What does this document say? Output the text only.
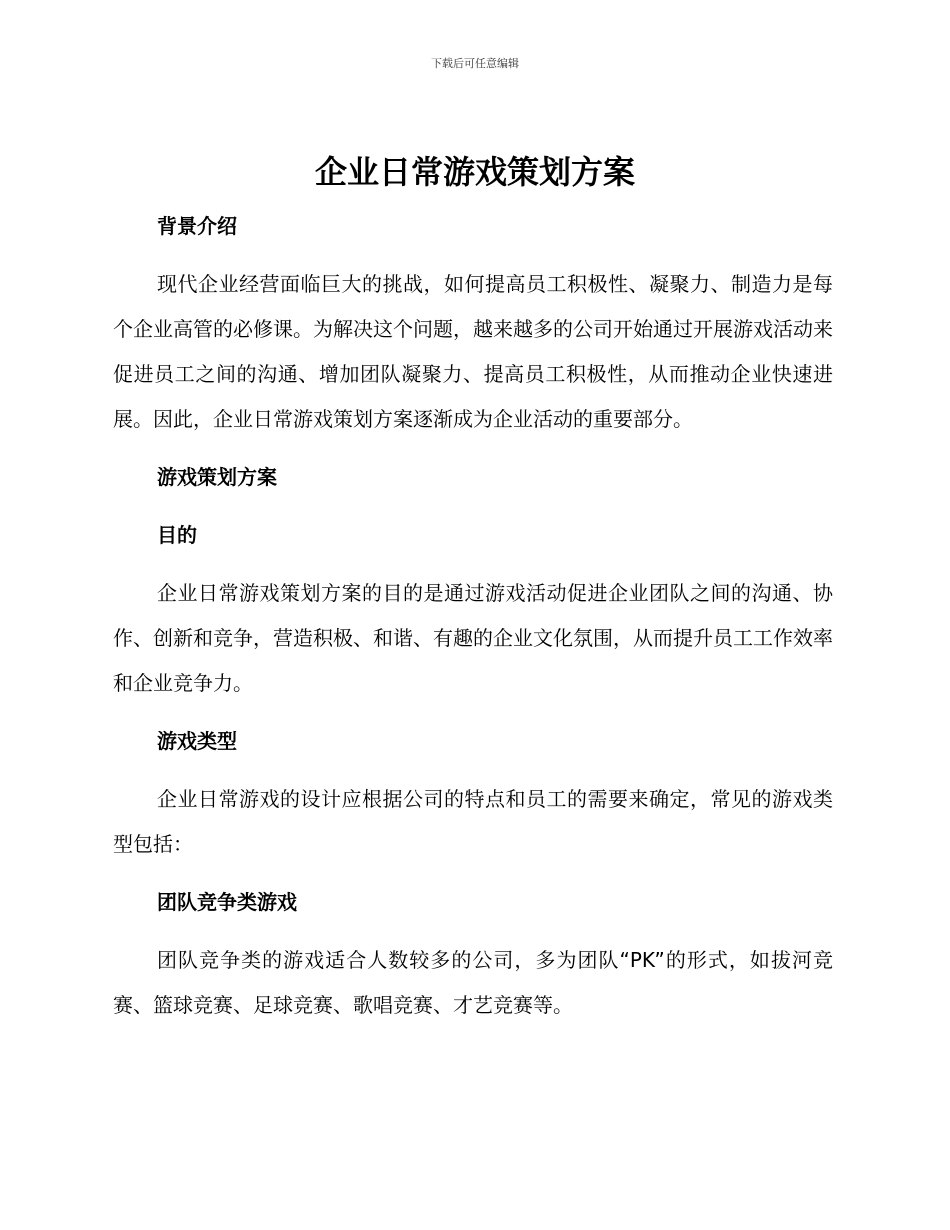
下载后可任意编辑
企业日常游戏策划方案
背景介绍

现代企业经营面临巨大的挑战，如何提高员工积极性、凝聚力、制造力是每个企业高管的必修课。为解决这个问题，越来越多的公司开始通过开展游戏活动来促进员工之间的沟通、增加团队凝聚力、提高员工积极性，从而推动企业快速进展。因此，企业日常游戏策划方案逐渐成为企业活动的重要部分。

游戏策划方案
目的

企业日常游戏策划方案的目的是通过游戏活动促进企业团队之间的沟通、协作、创新和竞争，营造积极、和谐、有趣的企业文化氛围，从而提升员工工作效率和企业竞争力。

游戏类型

企业日常游戏的设计应根据公司的特点和员工的需要来确定，常见的游戏类型包括：

团队竞争类游戏

团队竞争类的游戏适合人数较多的公司，多为团队“PK”的形式，如拔河竞赛、篮球竞赛、足球竞赛、歌唱竞赛、才艺竞赛等。
